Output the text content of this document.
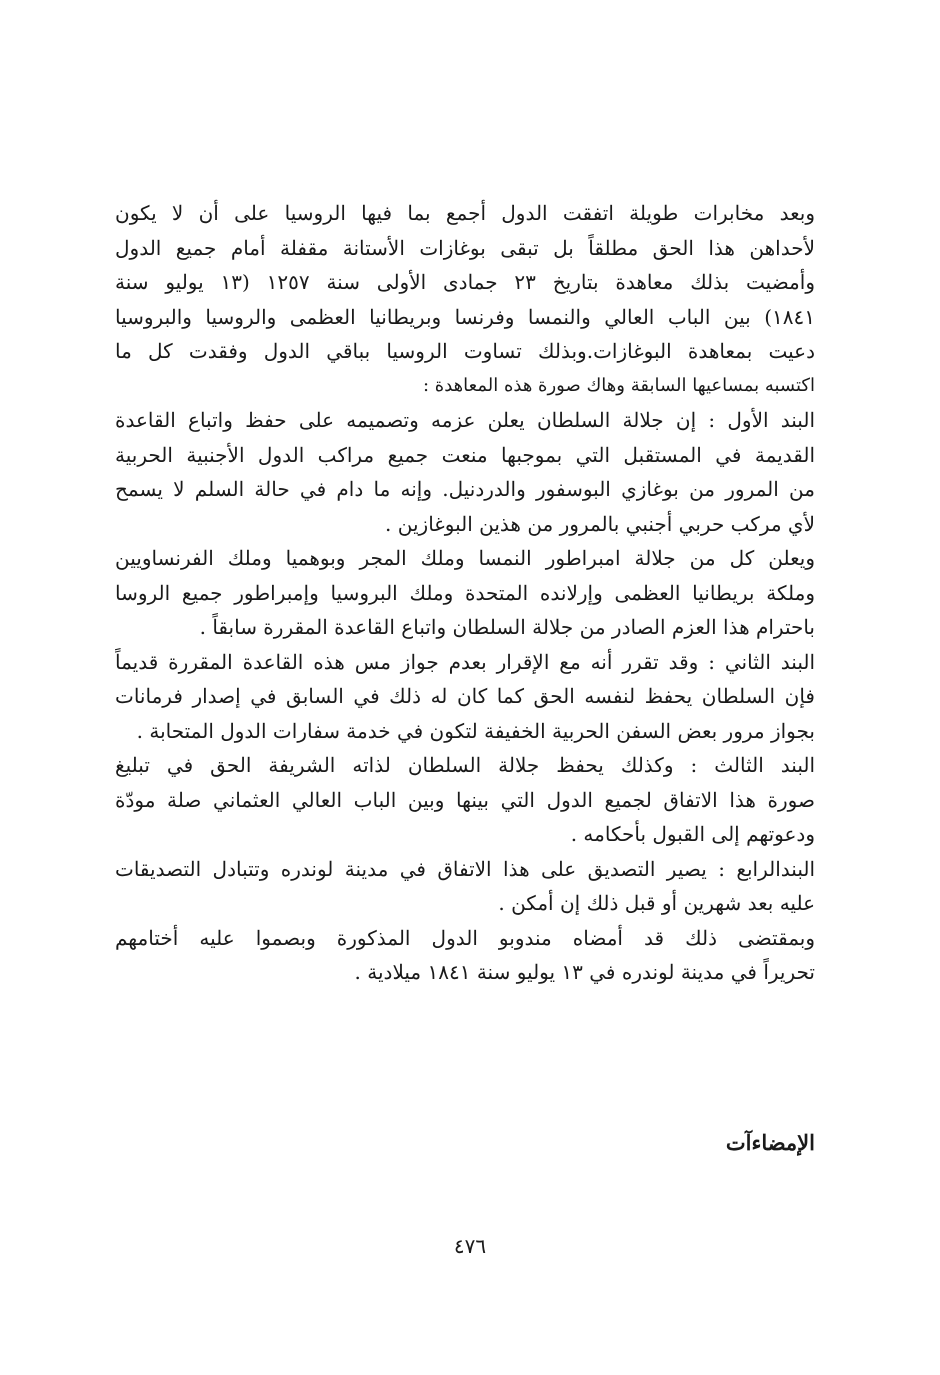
وبعد مخابرات طويلة اتفقت الدول أجمع بما فيها الروسيا على أن لا يكون
لأحداهن هذا الحق مطلقاً بل تبقى بوغازات الأستانة مقفلة أمام جميع الدول
وأمضيت بذلك معاهدة بتاريخ ٢٣ جمادى الأولى سنة ١٢٥٧ (١٣ يوليو سنة
١٨٤١) بين الباب العالي والنمسا وفرنسا وبريطانيا العظمى والروسيا والبروسيا
دعيت بمعاهدة البوغازات.وبذلك تساوت الروسيا بباقي الدول وفقدت كل ما
اكتسبه بمساعيها السابقة وهاك صورة هذه المعاهدة :
البند الأول : إن جلالة السلطان يعلن عزمه وتصميمه على حفظ واتباع القاعدة
القديمة في المستقبل التي بموجبها منعت جميع مراكب الدول الأجنبية الحربية
من المرور من بوغازي البوسفور والدردنيل. وإنه ما دام في حالة السلم لا يسمح
لأي مركب حربي أجنبي بالمرور من هذين البوغازين .
ويعلن كل من جلالة امبراطور النمسا وملك المجر وبوهميا وملك الفرنساويين
وملكة بريطانيا العظمى وإرلانده المتحدة وملك البروسيا وإمبراطور جميع الروسا
باحترام هذا العزم الصادر من جلالة السلطان واتباع القاعدة المقررة سابقاً .
البند الثاني : وقد تقرر أنه مع الإقرار بعدم جواز مس هذه القاعدة المقررة قديماً
فإن السلطان يحفظ لنفسه الحق كما كان له ذلك في السابق في إصدار فرمانات
بجواز مرور بعض السفن الحربية الخفيفة لتكون في خدمة سفارات الدول المتحابة .
البند الثالث : وكذلك يحفظ جلالة السلطان لذاته الشريفة الحق في تبليغ
صورة هذا الاتفاق لجميع الدول التي بينها وبين الباب العالي العثماني صلة مودّة
ودعوتهم إلى القبول بأحكامه .
البندالرابع : يصير التصديق على هذا الاتفاق في مدينة لوندره وتتبادل التصديقات
عليه بعد شهرين أو قبل ذلك إن أمكن .
وبمقتضى ذلك قد أمضاه مندوبو الدول المذكورة وبصموا عليه أختامهم
تحريراً في مدينة لوندره في ١٣ يوليو سنة ١٨٤١ ميلادية .
الإمضاءآت
٤٧٦
